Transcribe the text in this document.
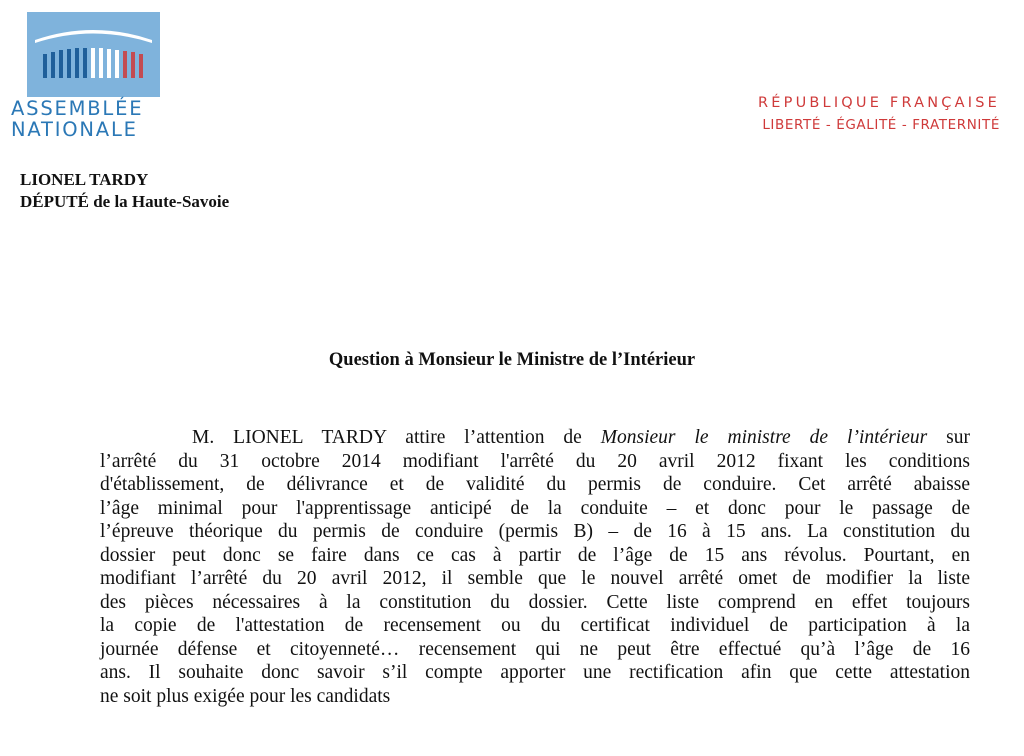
ASSEMBLÉE
NATIONALE
RÉPUBLIQUE FRANÇAISE
LIBERTÉ - ÉGALITÉ - FRATERNITÉ
LIONEL TARDY
DÉPUTÉ de la Haute-Savoie
Question à Monsieur le Ministre de l’Intérieur
M. LIONEL TARDY attire l’attention de Monsieur le ministre de l’intérieur sur
l’arrêté du 31 octobre 2014 modifiant l'arrêté du 20 avril 2012 fixant les conditions
d'établissement, de délivrance et de validité du permis de conduire. Cet arrêté abaisse
l’âge minimal pour l'apprentissage anticipé de la conduite – et donc pour le passage de
l’épreuve théorique du permis de conduire (permis B) – de 16 à 15 ans. La constitution du
dossier peut donc se faire dans ce cas à partir de l’âge de 15 ans révolus. Pourtant, en
modifiant l’arrêté du 20 avril 2012, il semble que le nouvel arrêté omet de modifier la liste
des pièces nécessaires à la constitution du dossier. Cette liste comprend en effet toujours
la copie de l'attestation de recensement ou du certificat individuel de participation à la
journée défense et citoyenneté… recensement qui ne peut être effectué qu’à l’âge de 16
ans. Il souhaite donc savoir s’il compte apporter une rectification afin que cette attestation
ne soit plus exigée pour les candidats
